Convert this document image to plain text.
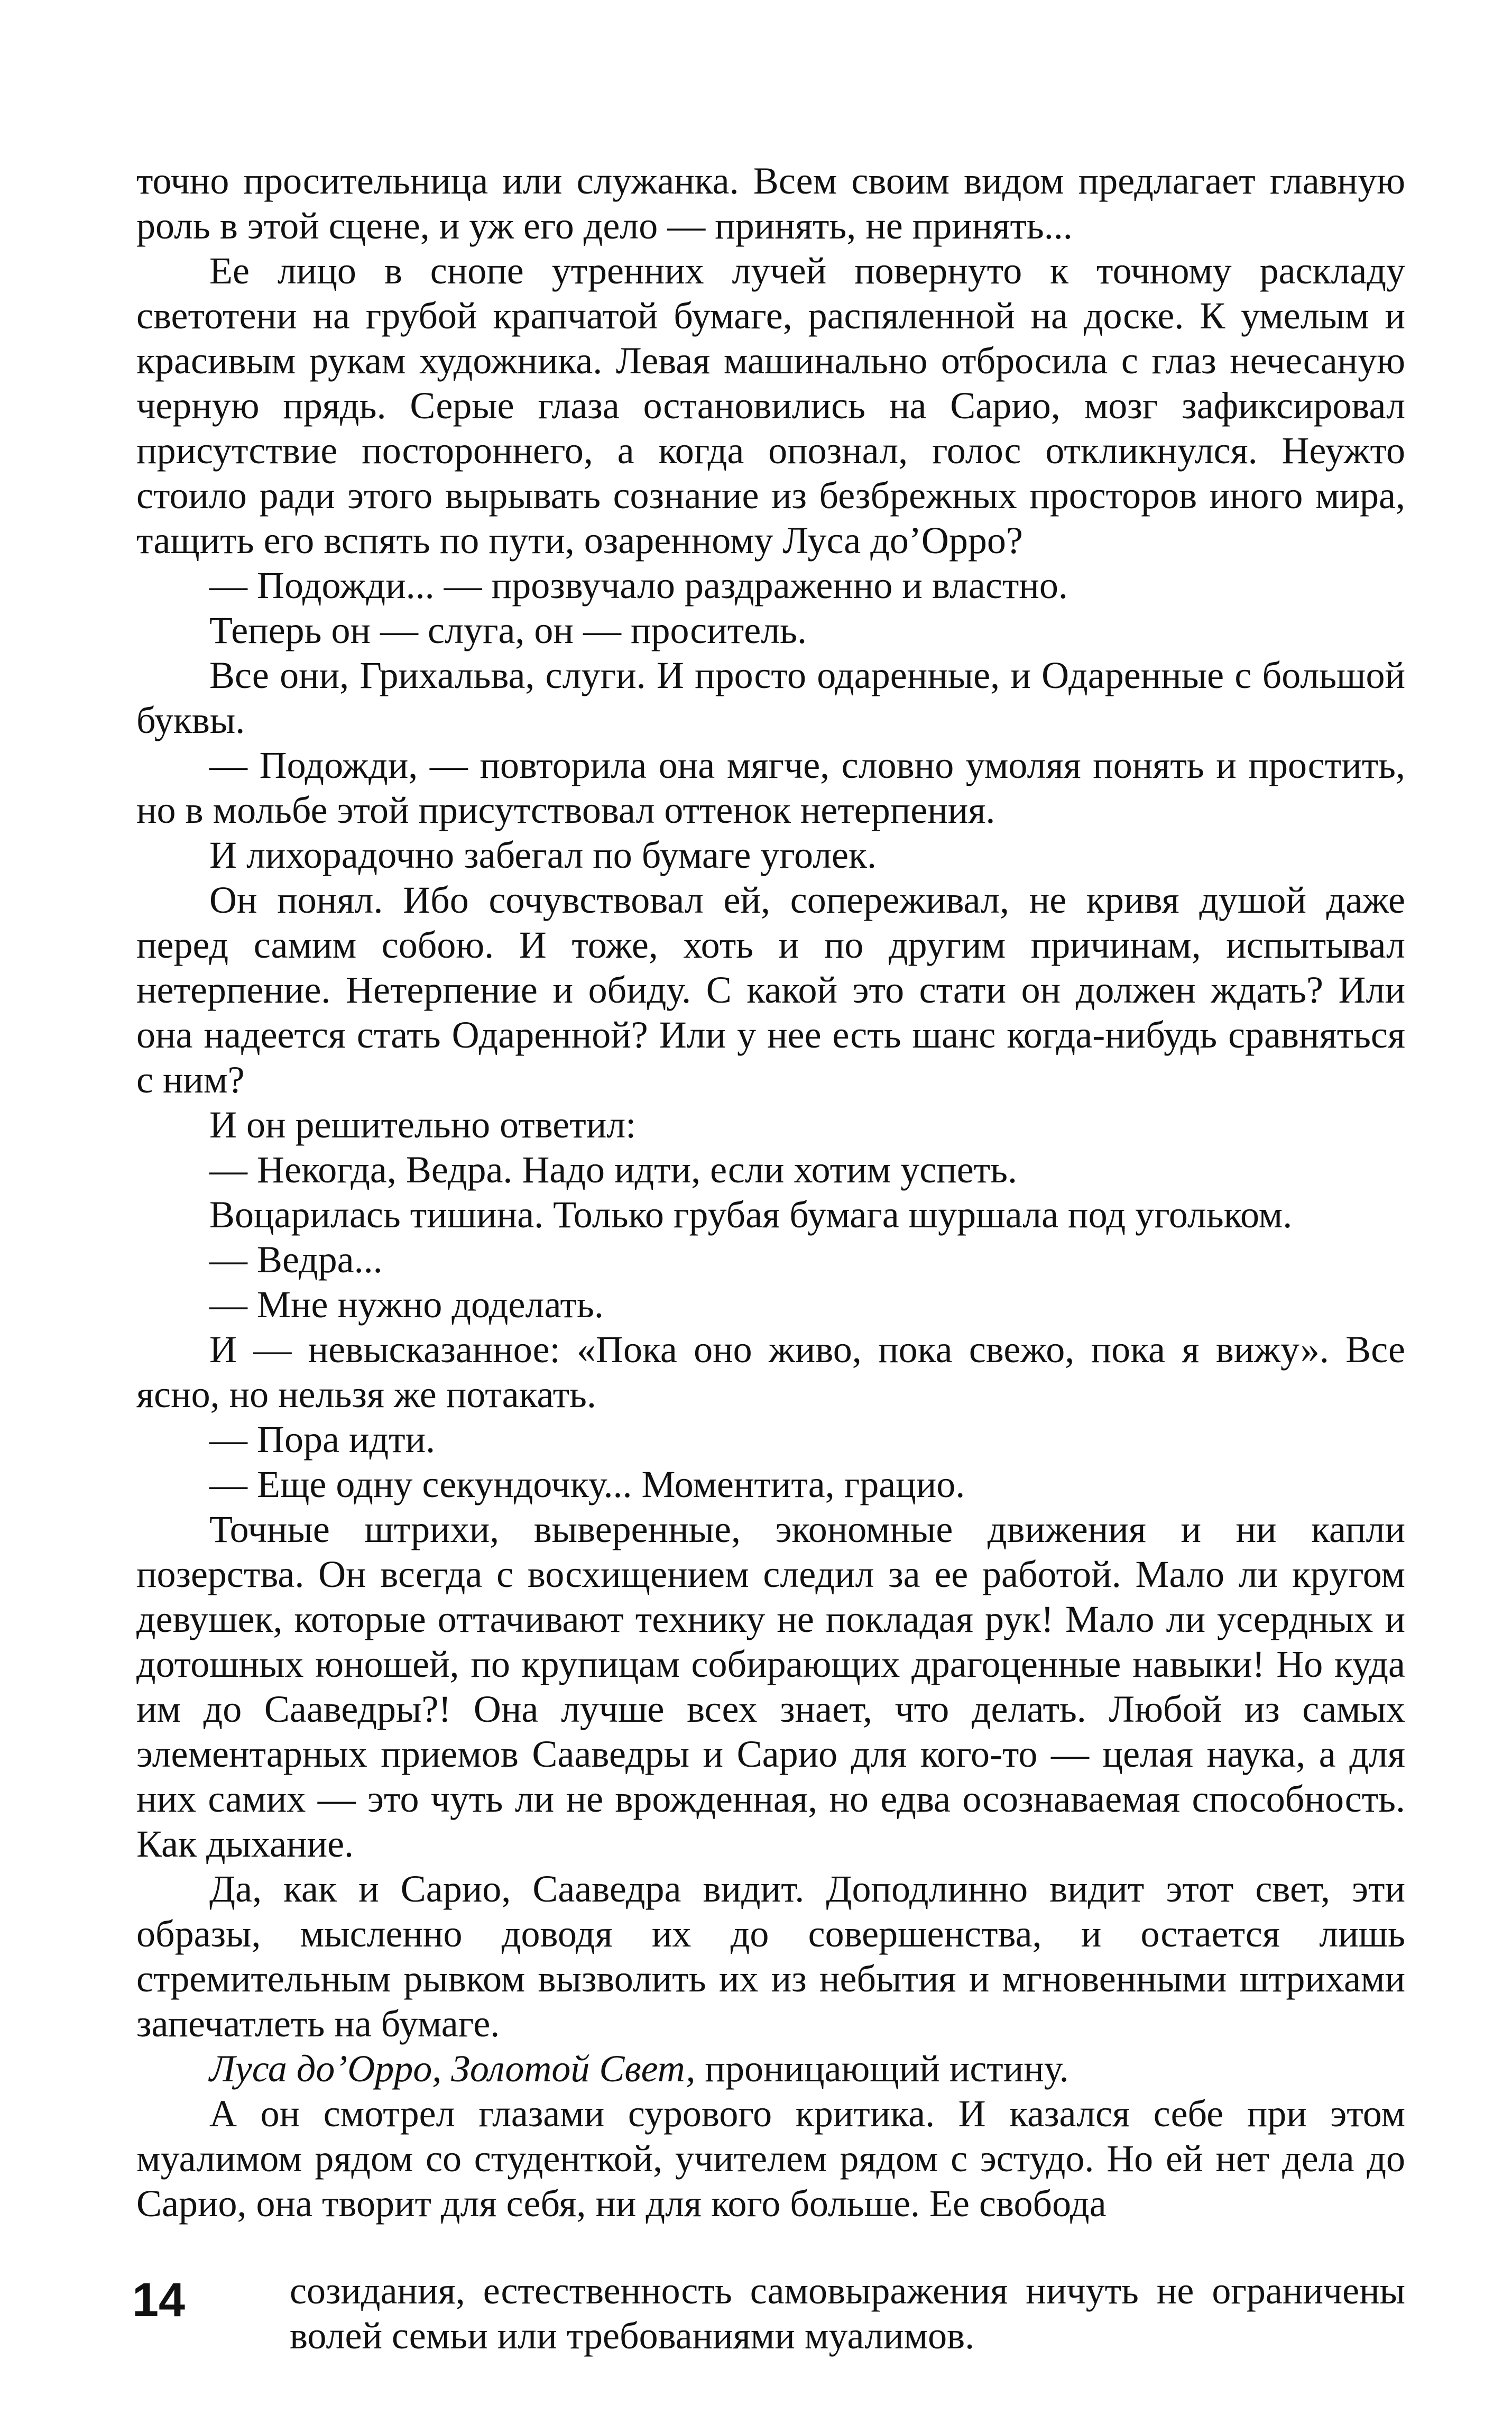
точно просительница или служанка. Всем своим видом предлагает главную роль в этой сцене, и уж его дело — принять, не принять...

Ее лицо в снопе утренних лучей повернуто к точному раскладу светотени на грубой крапчатой бумаге, распяленной на доске. К умелым и красивым рукам художника. Левая машинально отбросила с глаз нечесаную черную прядь. Серые глаза остановились на Сарио, мозг зафиксировал присутствие постороннего, а когда опознал, голос откликнулся. Неужто стоило ради этого вырывать сознание из безбрежных просторов иного мира, тащить его вспять по пути, озаренному Луса до’Орро?

— Подожди... — прозвучало раздраженно и властно.

Теперь он — слуга, он — проситель.

Все они, Грихальва, слуги. И просто одаренные, и Одаренные с большой буквы.

— Подожди, — повторила она мягче, словно умоляя понять и простить, но в мольбе этой присутствовал оттенок нетерпения.

И лихорадочно забегал по бумаге уголек.

Он понял. Ибо сочувствовал ей, сопереживал, не кривя душой даже перед самим собою. И тоже, хоть и по другим причинам, испытывал нетерпение. Нетерпение и обиду. С какой это стати он должен ждать? Или она надеется стать Одаренной? Или у нее есть шанс когда-нибудь сравняться с ним?

И он решительно ответил:

— Некогда, Ведра. Надо идти, если хотим успеть.

Воцарилась тишина. Только грубая бумага шуршала под угольком.

— Ведра...

— Мне нужно доделать.

И — невысказанное: «Пока оно живо, пока свежо, пока я вижу». Все ясно, но нельзя же потакать.

— Пора идти.

— Еще одну секундочку... Моментита, грацио.

Точные штрихи, выверенные, экономные движения и ни капли позерства. Он всегда с восхищением следил за ее работой. Мало ли кругом девушек, которые оттачивают технику не покладая рук! Мало ли усердных и дотошных юношей, по крупицам собирающих драгоценные навыки! Но куда им до Сааведры?! Она лучше всех знает, что делать. Любой из самых элементарных приемов Сааведры и Сарио для кого-то — целая наука, а для них самих — это чуть ли не врожденная, но едва осознаваемая способность. Как дыхание.

Да, как и Сарио, Сааведра видит. Доподлинно видит этот свет, эти образы, мысленно доводя их до совершенства, и остается лишь стремительным рывком вызволить их из небытия и мгновенными штрихами запечатлеть на бумаге.

Луса до’Орро, Золотой Свет, проницающий истину.

А он смотрел глазами сурового критика. И казался себе при этом муалимом рядом со студенткой, учителем рядом с эстудо. Но ей нет дела до Сарио, она творит для себя, ни для кого больше. Ее свобода

14	созидания, естественность самовыражения ничуть не ограничены волей семьи или требованиями муалимов.
